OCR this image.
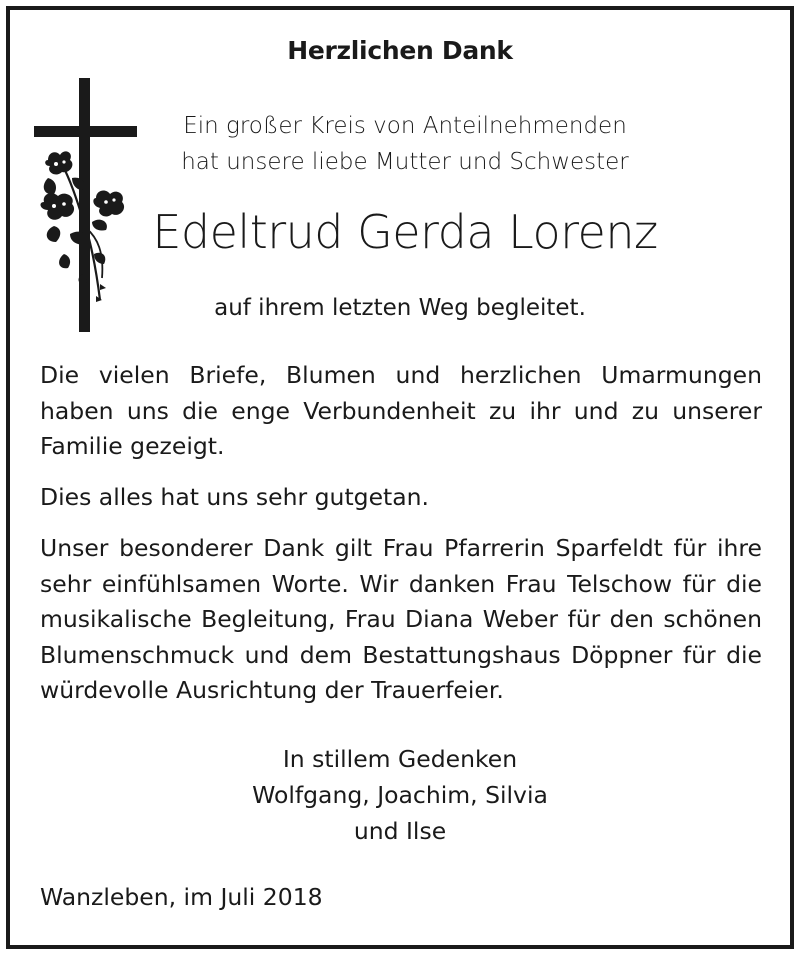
Herzlichen Dank
Ein großer Kreis von Anteilnehmenden
hat unsere liebe Mutter und Schwester
Edeltrud Gerda Lorenz
auf ihrem letzten Weg begleitet.
Die vielen Briefe, Blumen und herzlichen Umarmungen haben uns die enge Verbundenheit zu ihr und zu unserer Familie gezeigt.
Dies alles hat uns sehr gutgetan.
Unser besonderer Dank gilt Frau Pfarrerin Sparfeldt für ihre sehr einfühlsamen Worte. Wir danken Frau Telschow für die musikalische Begleitung, Frau Diana Weber für den schönen Blumenschmuck und dem Bestattungshaus Döppner für die würdevolle Ausrichtung der Trauerfeier.
In stillem Gedenken
Wolfgang, Joachim, Silvia
und Ilse
Wanzleben, im Juli 2018
